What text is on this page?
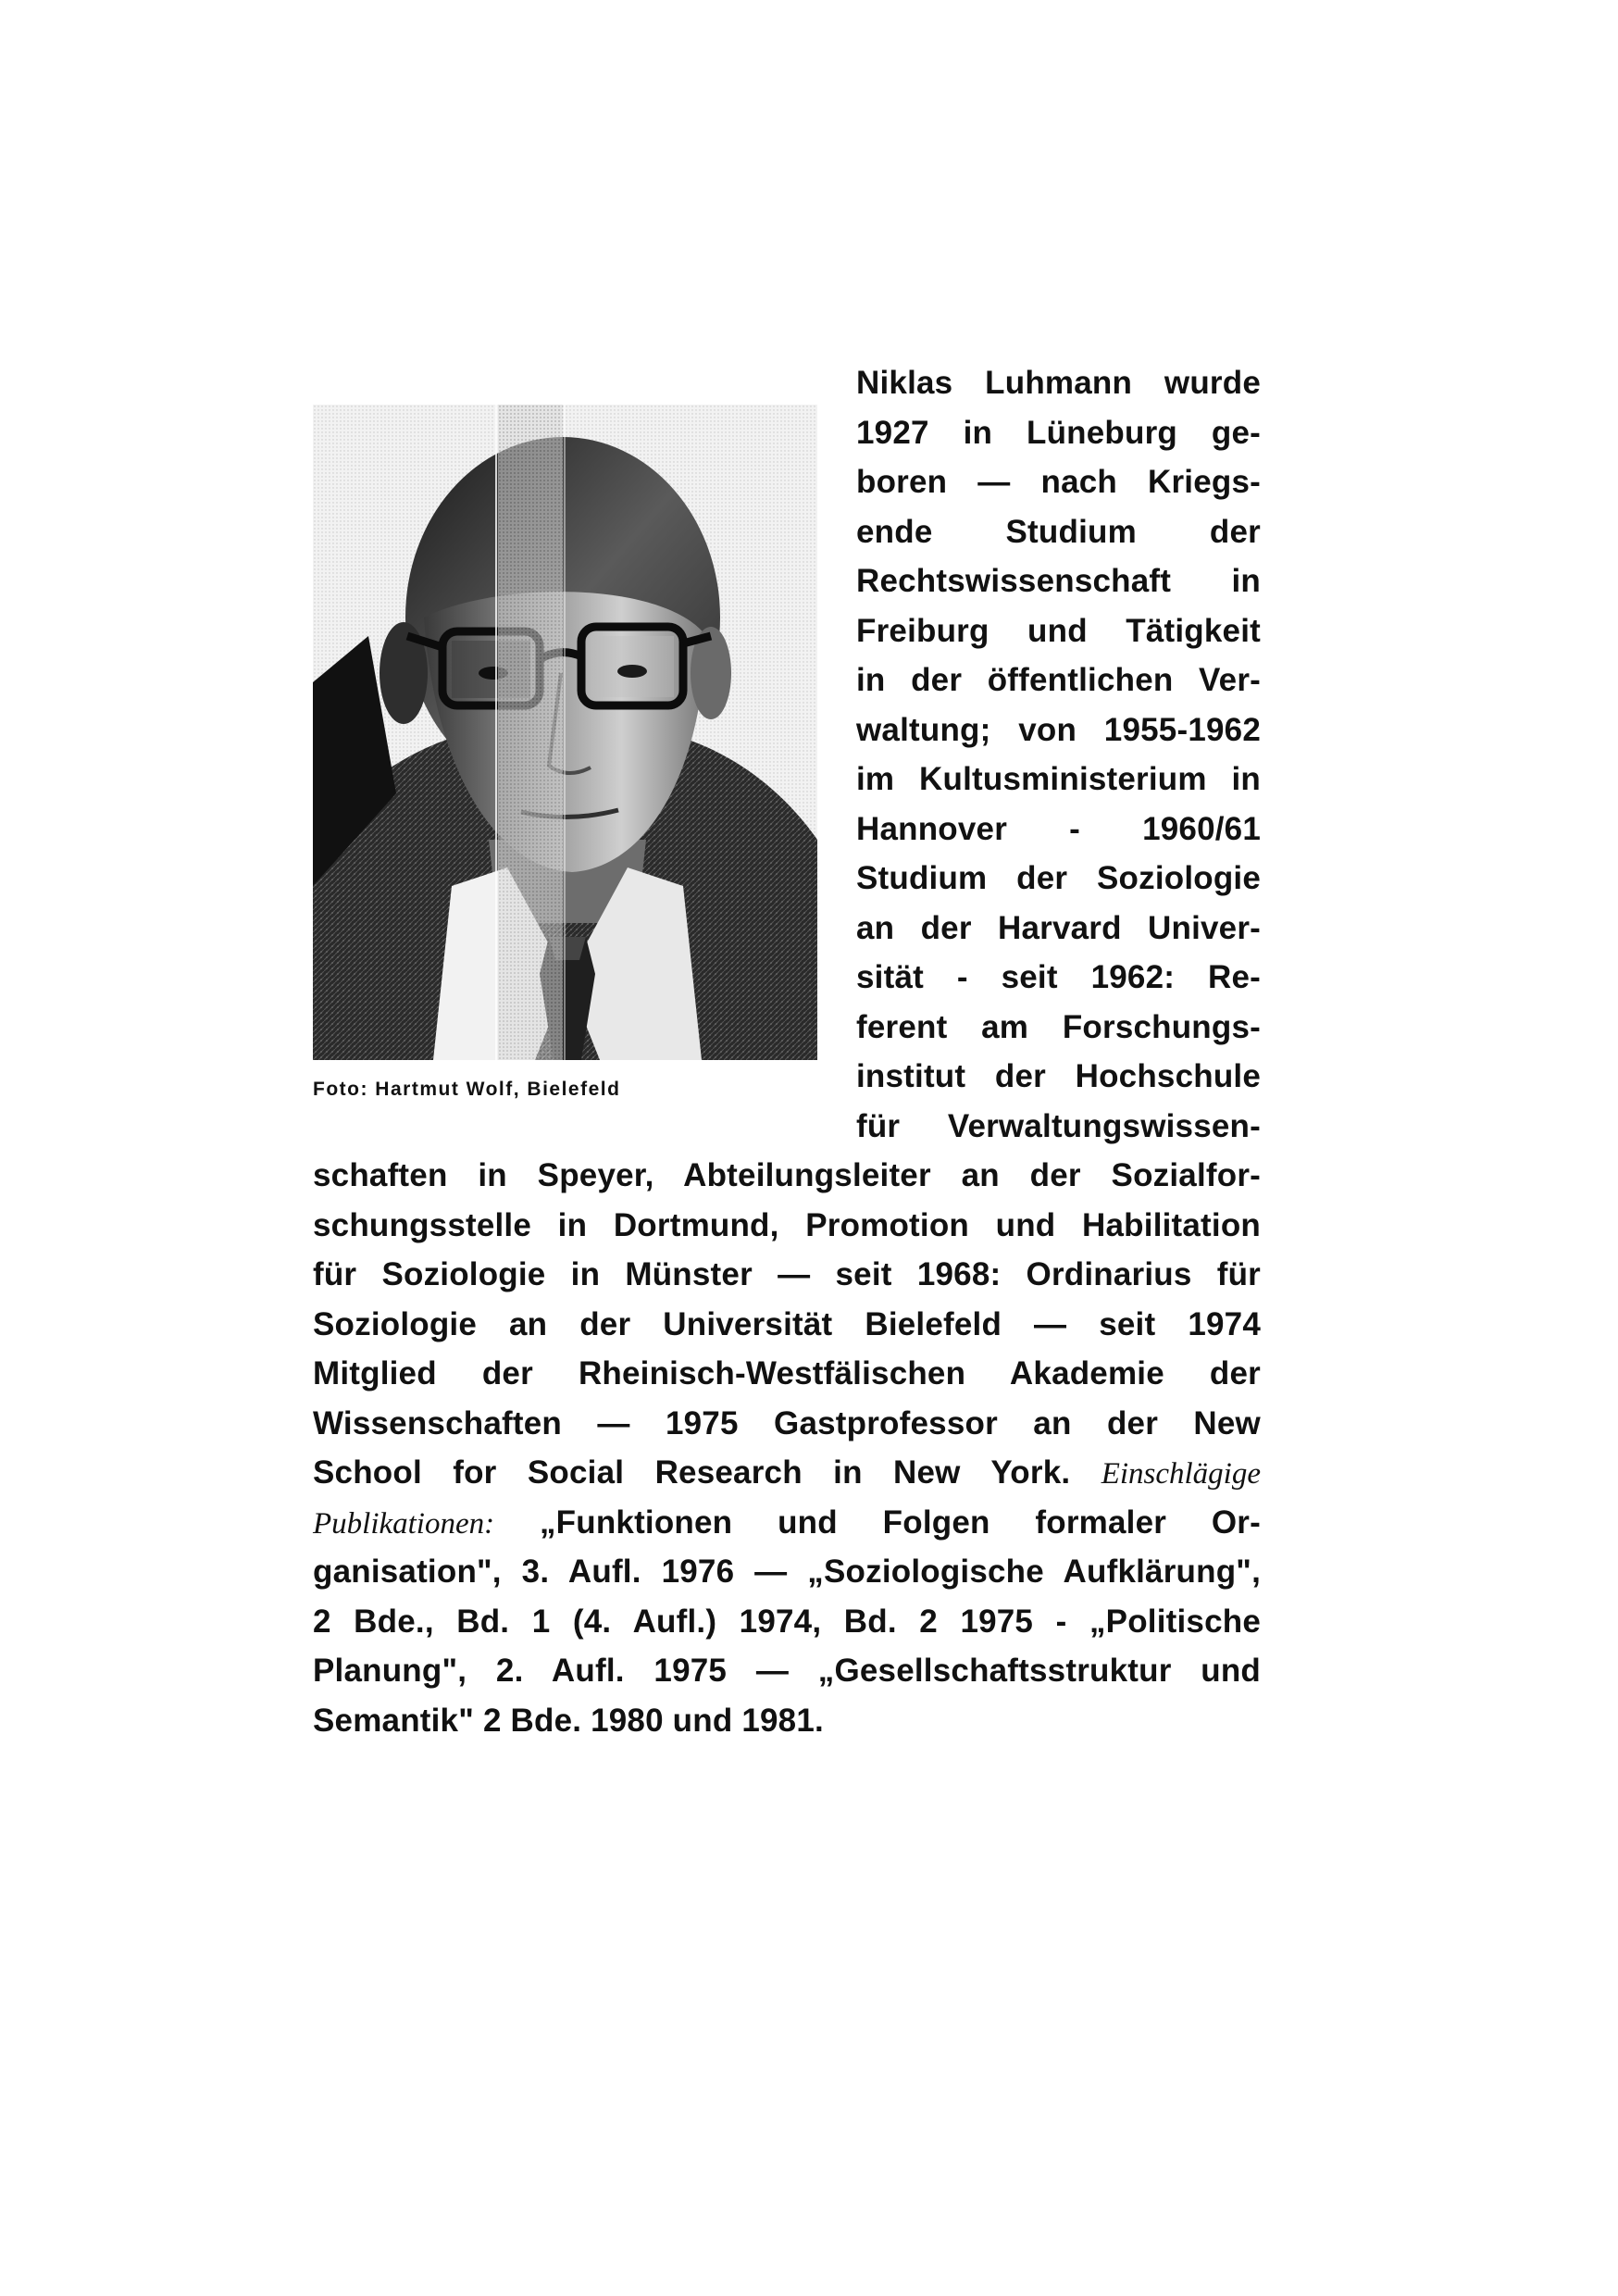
Foto: Hartmut Wolf, Bielefeld
Niklas Luhmann wurde
1927 in Lüneburg ge-
boren — nach Kriegs-
ende Studium der
Rechtswissenschaft in
Freiburg und Tätigkeit
in der öffentlichen Ver-
waltung; von 1955-1962
im Kultusministerium in
Hannover - 1960/61
Studium der Soziologie
an der Harvard Univer-
sität - seit 1962: Re-
ferent am Forschungs-
institut der Hochschule
für Verwaltungswissen-
schaften in Speyer, Abteilungsleiter an der Sozialfor-
schungsstelle in Dortmund, Promotion und Habilitation
für Soziologie in Münster — seit 1968: Ordinarius für
Soziologie an der Universität Bielefeld — seit 1974
Mitglied der Rheinisch-Westfälischen Akademie der
Wissenschaften — 1975 Gastprofessor an der New
School for Social Research in New York. Einschlägige
Publikationen: „Funktionen und Folgen formaler Or-
ganisation", 3. Aufl. 1976 — „Soziologische Aufklärung",
2 Bde., Bd. 1 (4. Aufl.) 1974, Bd. 2 1975 - „Politische
Planung", 2. Aufl. 1975 — „Gesellschaftsstruktur und
Semantik" 2 Bde. 1980 und 1981.
